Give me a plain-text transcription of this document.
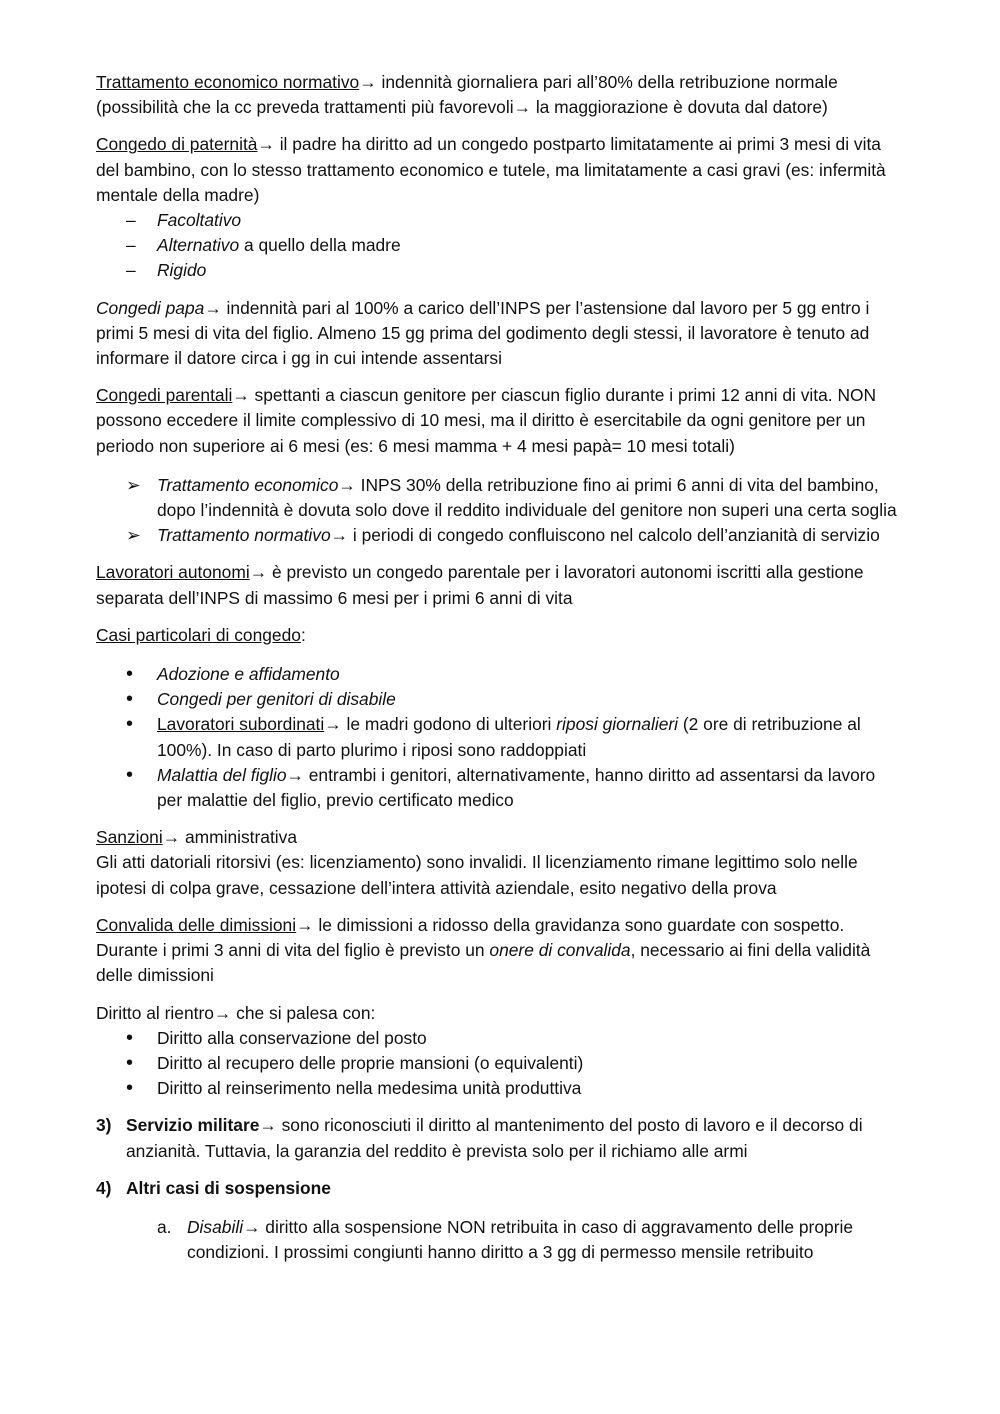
Trattamento economico normativo→ indennità giornaliera pari all’80% della retribuzione normale (possibilità che la cc preveda trattamenti più favorevoli→ la maggiorazione è dovuta dal datore)

Congedo di paternità→ il padre ha diritto ad un congedo postparto limitatamente ai primi 3 mesi di vita del bambino, con lo stesso trattamento economico e tutele, ma limitatamente a casi gravi (es: infermità mentale della madre)

– Facoltativo
– Alternativo a quello della madre
– Rigido

Congedi papa→ indennità pari al 100% a carico dell’INPS per l’astensione dal lavoro per 5 gg entro i primi 5 mesi di vita del figlio. Almeno 15 gg prima del godimento degli stessi, il lavoratore è tenuto ad informare il datore circa i gg in cui intende assentarsi

Congedi parentali→ spettanti a ciascun genitore per ciascun figlio durante i primi 12 anni di vita. NON possono eccedere il limite complessivo di 10 mesi, ma il diritto è esercitabile da ogni genitore per un periodo non superiore ai 6 mesi (es: 6 mesi mamma + 4 mesi papà= 10 mesi totali)

➢ Trattamento economico→ INPS 30% della retribuzione fino ai primi 6 anni di vita del bambino, dopo l’indennità è dovuta solo dove il reddito individuale del genitore non superi una certa soglia
➢ Trattamento normativo→ i periodi di congedo confluiscono nel calcolo dell’anzianità di servizio

Lavoratori autonomi→ è previsto un congedo parentale per i lavoratori autonomi iscritti alla gestione separata dell’INPS di massimo 6 mesi per i primi 6 anni di vita

Casi particolari di congedo:

• Adozione e affidamento
• Congedi per genitori di disabile
• Lavoratori subordinati→ le madri godono di ulteriori riposi giornalieri (2 ore di retribuzione al 100%). In caso di parto plurimo i riposi sono raddoppiati
• Malattia del figlio→ entrambi i genitori, alternativamente, hanno diritto ad assentarsi da lavoro per malattie del figlio, previo certificato medico
Sanzioni→ amministrativa
Gli atti datoriali ritorsivi (es: licenziamento) sono invalidi. Il licenziamento rimane legittimo solo nelle ipotesi di colpa grave, cessazione dell’intera attività aziendale, esito negativo della prova

Convalida delle dimissioni→ le dimissioni a ridosso della gravidanza sono guardate con sospetto. Durante i primi 3 anni di vita del figlio è previsto un onere di convalida, necessario ai fini della validità delle dimissioni

Diritto al rientro→ che si palesa con:

• Diritto alla conservazione del posto
• Diritto al recupero delle proprie mansioni (o equivalenti)
• Diritto al reinserimento nella medesima unità produttiva
3) Servizio militare→ sono riconosciuti il diritto al mantenimento del posto di lavoro e il decorso di anzianità. Tuttavia, la garanzia del reddito è prevista solo per il richiamo alle armi
4) Altri casi di sospensione
a. Disabili→ diritto alla sospensione NON retribuita in caso di aggravamento delle proprie condizioni. I prossimi congiunti hanno diritto a 3 gg di permesso mensile retribuito
